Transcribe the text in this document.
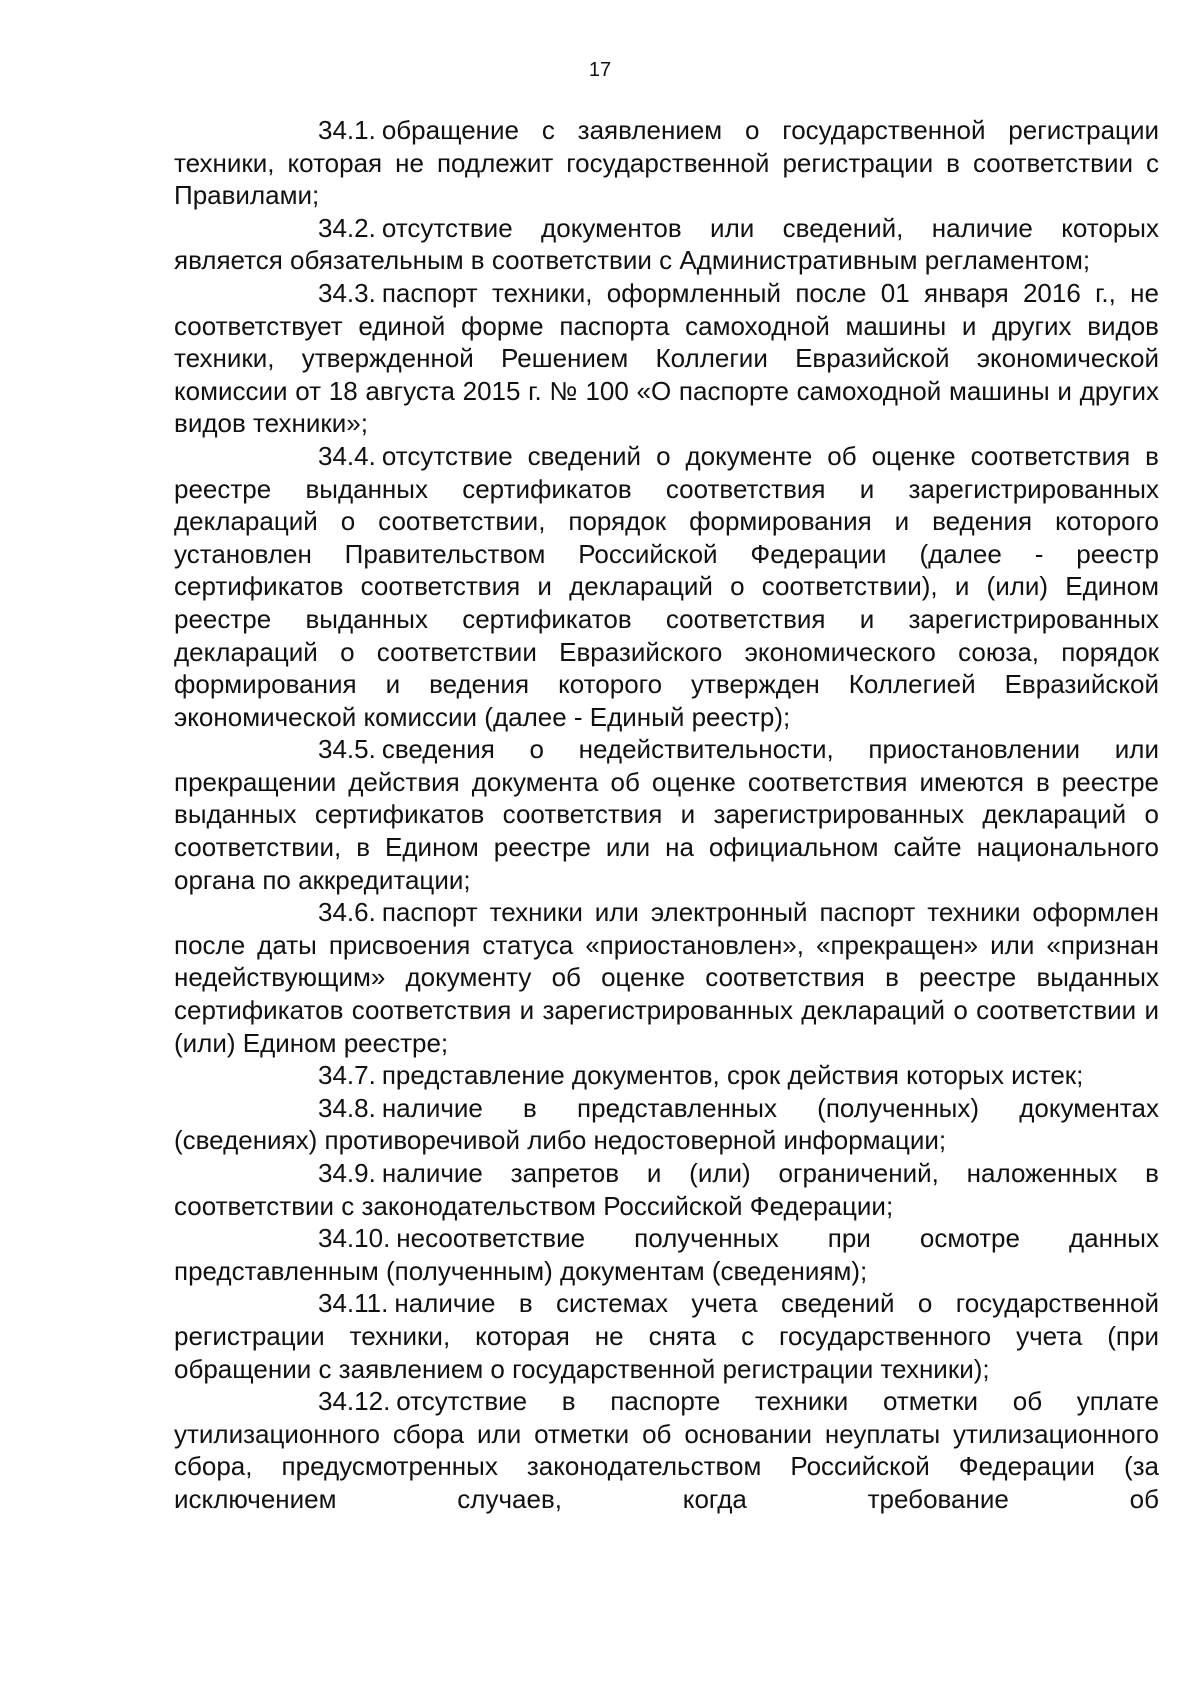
17

34.1. обращение с заявлением о государственной регистрации техники, которая не подлежит государственной регистрации в соответствии с Правилами;

34.2. отсутствие документов или сведений, наличие которых является обязательным в соответствии с Административным регламентом;

34.3. паспорт техники, оформленный после 01 января 2016 г., не соответствует единой форме паспорта самоходной машины и других видов техники, утвержденной Решением Коллегии Евразийской экономической комиссии от 18 августа 2015 г. № 100 «О паспорте самоходной машины и других видов техники»;

34.4. отсутствие сведений о документе об оценке соответствия в реестре выданных сертификатов соответствия и зарегистрированных деклараций о соответствии, порядок формирования и ведения которого установлен Правительством Российской Федерации (далее - реестр сертификатов соответствия и деклараций о соответствии), и (или) Едином реестре выданных сертификатов соответствия и зарегистрированных деклараций о соответствии Евразийского экономического союза, порядок формирования и ведения которого утвержден Коллегией Евразийской экономической комиссии (далее - Единый реестр);

34.5. сведения о недействительности, приостановлении или прекращении действия документа об оценке соответствия имеются в реестре выданных сертификатов соответствия и зарегистрированных деклараций о соответствии, в Едином реестре или на официальном сайте национального органа по аккредитации;

34.6. паспорт техники или электронный паспорт техники оформлен после даты присвоения статуса «приостановлен», «прекращен» или «признан недействующим» документу об оценке соответствия в реестре выданных сертификатов соответствия и зарегистрированных деклараций о соответствии и (или) Едином реестре;

34.7. представление документов, срок действия которых истек;

34.8. наличие в представленных (полученных) документах (сведениях) противоречивой либо недостоверной информации;

34.9. наличие запретов и (или) ограничений, наложенных в соответствии с законодательством Российской Федерации;

34.10. несоответствие полученных при осмотре данных представленным (полученным) документам (сведениям);

34.11. наличие в системах учета сведений о государственной регистрации техники, которая не снята с государственного учета (при обращении с заявлением о государственной регистрации техники);

34.12. отсутствие в паспорте техники отметки об уплате утилизационного сбора или отметки об основании неуплаты утилизационного сбора, предусмотренных законодательством Российской Федерации (за исключением случаев, когда требование об
